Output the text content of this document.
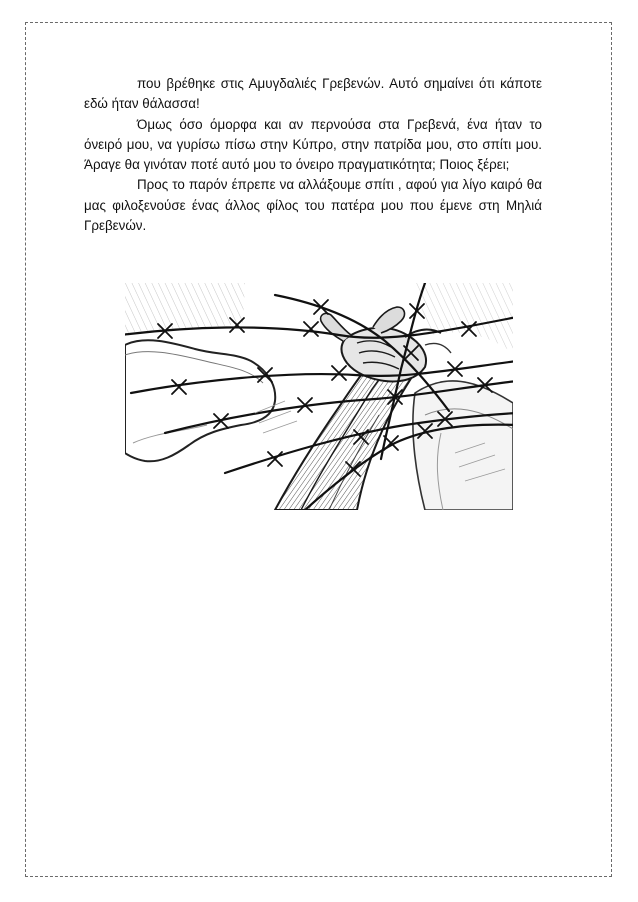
που βρέθηκε στις Αμυγδαλιές Γρεβενών. Αυτό σημαίνει ότι κάποτε εδώ ήταν θάλασσα!

Όμως όσο όμορφα και αν περνούσα στα Γρεβενά, ένα ήταν το όνειρό μου, να γυρίσω πίσω στην Κύπρο, στην πατρίδα μου, στο σπίτι μου. Άραγε θα γινόταν ποτέ αυτό μου το όνειρο πραγματικότητα; Ποιος ξέρει;

Προς το παρόν έπρεπε να αλλάξουμε σπίτι , αφού για λίγο καιρό θα μας φιλοξενούσε ένας άλλος φίλος του πατέρα μου που έμενε στη Μηλιά Γρεβενών.
